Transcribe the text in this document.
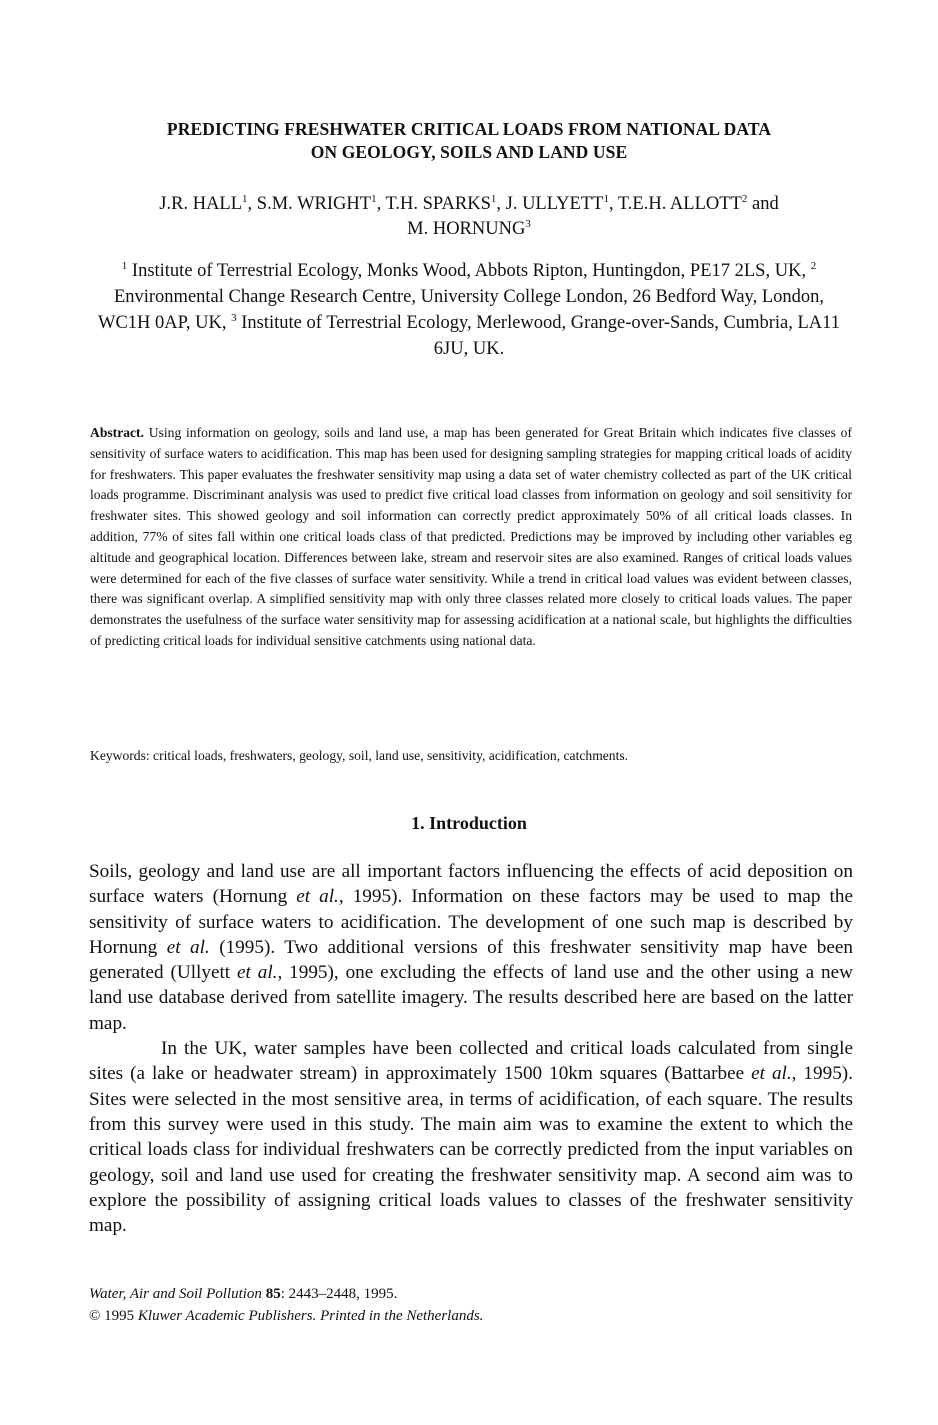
PREDICTING FRESHWATER CRITICAL LOADS FROM NATIONAL DATA
ON GEOLOGY, SOILS AND LAND USE
J.R. HALL$^1$, S.M. WRIGHT$^1$, T.H. SPARKS$^1$, J. ULLYETT$^1$, T.E.H. ALLOTT$^2$ and
M. HORNUNG$^3$
$^1$ Institute of Terrestrial Ecology, Monks Wood, Abbots Ripton, Huntingdon, PE17 2LS, UK, $^2$ Environmental Change Research Centre, University College London, 26 Bedford Way, London, WC1H 0AP, UK, $^3$ Institute of Terrestrial Ecology, Merlewood, Grange-over-Sands, Cumbria, LA11 6JU, UK.
Abstract. Using information on geology, soils and land use, a map has been generated for Great Britain which indicates five classes of sensitivity of surface waters to acidification. This map has been used for designing sampling strategies for mapping critical loads of acidity for freshwaters. This paper evaluates the freshwater sensitivity map using a data set of water chemistry collected as part of the UK critical loads programme. Discriminant analysis was used to predict five critical load classes from information on geology and soil sensitivity for freshwater sites. This showed geology and soil information can correctly predict approximately 50% of all critical loads classes. In addition, 77% of sites fall within one critical loads class of that predicted. Predictions may be improved by including other variables eg altitude and geographical location. Differences between lake, stream and reservoir sites are also examined. Ranges of critical loads values were determined for each of the five classes of surface water sensitivity. While a trend in critical load values was evident between classes, there was significant overlap. A simplified sensitivity map with only three classes related more closely to critical loads values. The paper demonstrates the usefulness of the surface water sensitivity map for assessing acidification at a national scale, but highlights the difficulties of predicting critical loads for individual sensitive catchments using national data.
Keywords: critical loads, freshwaters, geology, soil, land use, sensitivity, acidification, catchments.
1. Introduction

Soils, geology and land use are all important factors influencing the effects of acid deposition on surface waters (Hornung et al., 1995). Information on these factors may be used to map the sensitivity of surface waters to acidification. The development of one such map is described by Hornung et al. (1995). Two additional versions of this freshwater sensitivity map have been generated (Ullyett et al., 1995), one excluding the effects of land use and the other using a new land use database derived from satellite imagery. The results described here are based on the latter map.

In the UK, water samples have been collected and critical loads calculated from single sites (a lake or headwater stream) in approximately 1500 10km squares (Battarbee et al., 1995). Sites were selected in the most sensitive area, in terms of acidification, of each square. The results from this survey were used in this study. The main aim was to examine the extent to which the critical loads class for individual freshwaters can be correctly predicted from the input variables on geology, soil and land use used for creating the freshwater sensitivity map. A second aim was to explore the possibility of assigning critical loads values to classes of the freshwater sensitivity map.

Water, Air and Soil Pollution 85: 2443–2448, 1995.
© 1995 Kluwer Academic Publishers. Printed in the Netherlands.
